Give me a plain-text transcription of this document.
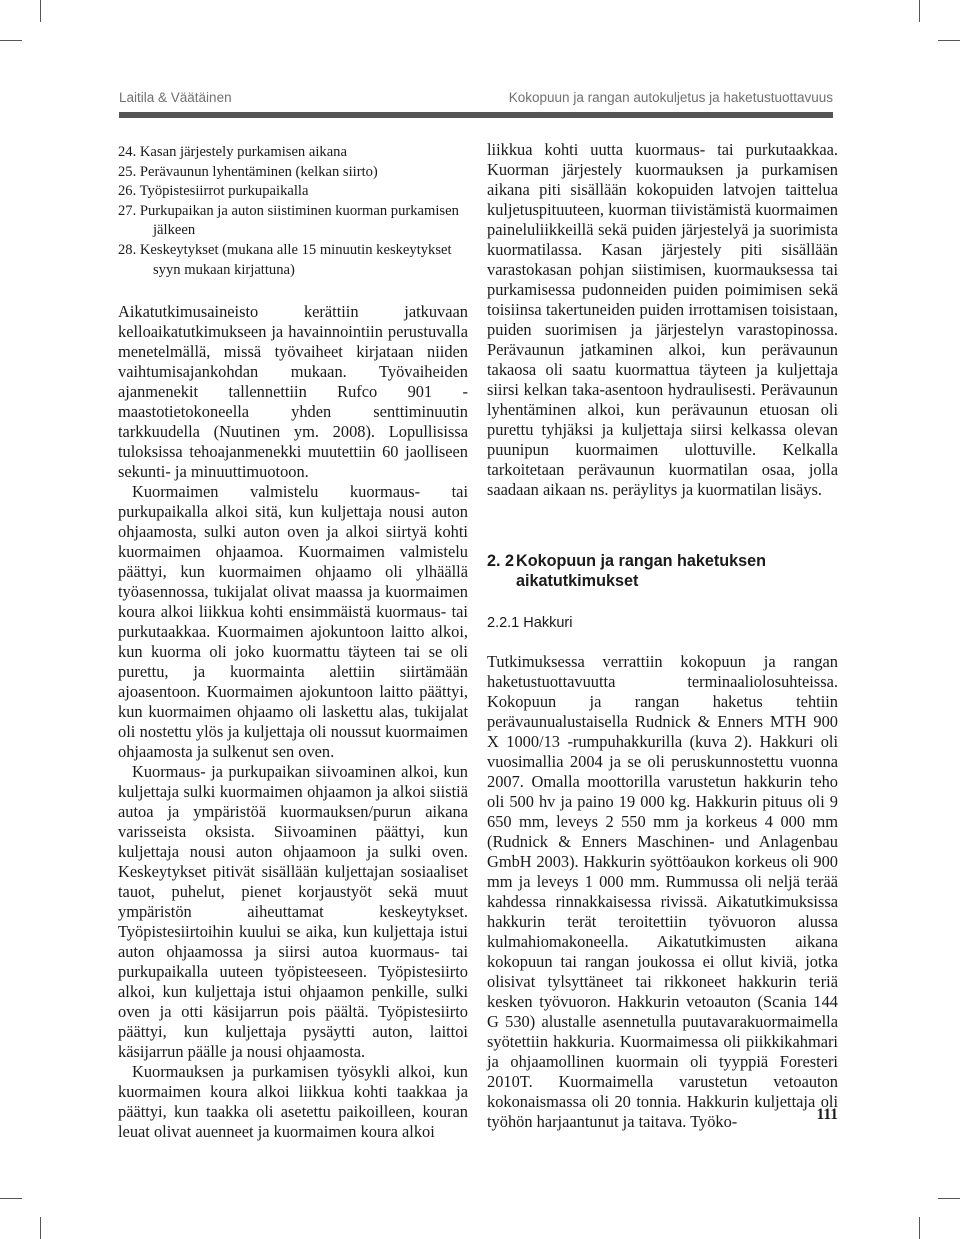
Laitila & Väätäinen	Kokopuun ja rangan autokuljetus ja haketustuottavuus
24. Kasan järjestely purkamisen aikana
25. Perävaunun lyhentäminen (kelkan siirto)
26. Työpistesiirrot purkupaikalla
27. Purkupaikan ja auton siistiminen kuorman purkamisen jälkeen
28. Keskeytykset (mukana alle 15 minuutin keskeytykset syyn mukaan kirjattuna)

Aikatutkimusaineisto kerättiin jatkuvaan kelloaikatutkimukseen ja havainnointiin perustuvalla menetelmällä, missä työvaiheet kirjataan niiden vaihtumisajankohdan mukaan. Työvaiheiden ajanmenekit tallennettiin Rufco 901 -maastotietokoneella yhden senttiminuutin tarkkuudella (Nuutinen ym. 2008). Lopullisissa tuloksissa tehoajanmenekki muutettiin 60 jaolliseen sekunti- ja minuuttimuotoon.

Kuormaimen valmistelu kuormaus- tai purkupaikalla alkoi sitä, kun kuljettaja nousi auton ohjaamosta, sulki auton oven ja alkoi siirtyä kohti kuormaimen ohjaamoa. Kuormaimen valmistelu päättyi, kun kuormaimen ohjaamo oli ylhäällä työasennossa, tukijalat olivat maassa ja kuormaimen koura alkoi liikkua kohti ensimmäistä kuormaus- tai purkutaakkaa. Kuormaimen ajokuntoon laitto alkoi, kun kuorma oli joko kuormattu täyteen tai se oli purettu, ja kuormainta alettiin siirtämään ajoasentoon. Kuormaimen ajokuntoon laitto päättyi, kun kuormaimen ohjaamo oli laskettu alas, tukijalat oli nostettu ylös ja kuljettaja oli noussut kuormaimen ohjaamosta ja sulkenut sen oven.

Kuormaus- ja purkupaikan siivoaminen alkoi, kun kuljettaja sulki kuormaimen ohjaamon ja alkoi siistiä autoa ja ympäristöä kuormauksen/purun aikana varisseista oksista. Siivoaminen päättyi, kun kuljettaja nousi auton ohjaamoon ja sulki oven. Keskeytykset pitivät sisällään kuljettajan sosiaaliset tauot, puhelut, pienet korjaustyöt sekä muut ympäristön aiheuttamat keskeytykset. Työpistesiirtoihin kuului se aika, kun kuljettaja istui auton ohjaamossa ja siirsi autoa kuormaus- tai purkupaikalla uuteen työpisteeseen. Työpistesiirto alkoi, kun kuljettaja istui ohjaamon penkille, sulki oven ja otti käsijarrun pois päältä. Työpistesiirto päättyi, kun kuljettaja pysäytti auton, laittoi käsijarrun päälle ja nousi ohjaamosta.

Kuormauksen ja purkamisen työsykli alkoi, kun kuormaimen koura alkoi liikkua kohti taakkaa ja päättyi, kun taakka oli asetettu paikoilleen, kouran leuat olivat auenneet ja kuormaimen koura alkoi

liikkua kohti uutta kuormaus- tai purkutaakkaa. Kuorman järjestely kuormauksen ja purkamisen aikana piti sisällään kokopuiden latvojen taittelua kuljetuspituuteen, kuorman tiivistämistä kuormaimen paineluliikkeillä sekä puiden järjestelyä ja suorimista kuormatilassa. Kasan järjestely piti sisällään varastokasan pohjan siistimisen, kuormauksessa tai purkamisessa pudonneiden puiden poimimisen sekä toisiinsa takertuneiden puiden irrottamisen toisistaan, puiden suorimisen ja järjestelyn varastopinossa. Perävaunun jatkaminen alkoi, kun perävaunun takaosa oli saatu kuormattua täyteen ja kuljettaja siirsi kelkan taka-asentoon hydraulisesti. Perävaunun lyhentäminen alkoi, kun perävaunun etuosan oli purettu tyhjäksi ja kuljettaja siirsi kelkassa olevan puunipun kuormaimen ulottuville. Kelkalla tarkoitetaan perävaunun kuormatilan osaa, jolla saadaan aikaan ns. peräylitys ja kuormatilan lisäys.

2. 2 Kokopuun ja rangan haketuksen aikatutkimukset
2.2.1 Hakkuri

Tutkimuksessa verrattiin kokopuun ja rangan haketustuottavuutta terminaaliolosuhteissa. Kokopuun ja rangan haketus tehtiin perävaunualustaisella Rudnick & Enners MTH 900 X 1000/13 -rumpuhakkurilla (kuva 2). Hakkuri oli vuosimallia 2004 ja se oli peruskunnostettu vuonna 2007. Omalla moottorilla varustetun hakkurin teho oli 500 hv ja paino 19 000 kg. Hakkurin pituus oli 9 650 mm, leveys 2 550 mm ja korkeus 4 000 mm (Rudnick & Enners Maschinen- und Anlagenbau GmbH 2003). Hakkurin syöttöaukon korkeus oli 900 mm ja leveys 1 000 mm. Rummussa oli neljä terää kahdessa rinnakkaisessa rivissä. Aikatutkimuksissa hakkurin terät teroitettiin työvuoron alussa kulmahiomakoneella. Aikatutkimusten aikana kokopuun tai rangan joukossa ei ollut kiviä, jotka olisivat tylsyttäneet tai rikkoneet hakkurin teriä kesken työvuoron. Hakkurin vetoauton (Scania 144 G 530) alustalle asennetulla puutavarakuormaimella syötettiin hakkuria. Kuormaimessa oli piikkikahmari ja ohjaamollinen kuormain oli tyyppiä Foresteri 2010T. Kuormaimella varustetun vetoauton kokonaismassa oli 20 tonnia. Hakkurin kuljettaja oli työhön harjaantunut ja taitava. Työko-	111
